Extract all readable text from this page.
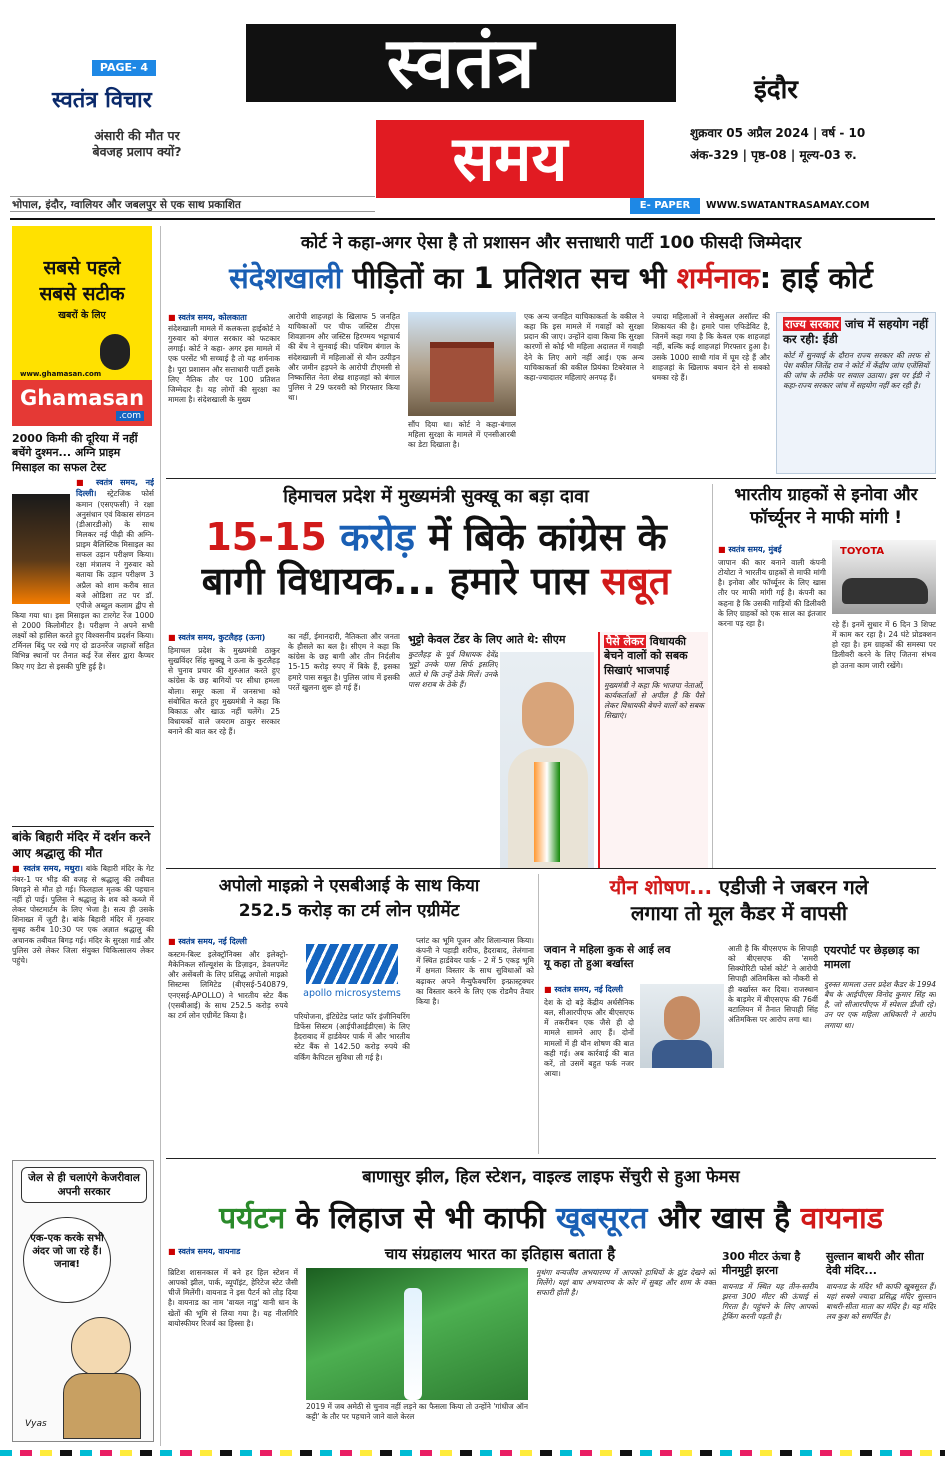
PAGE- 4
स्वतंत्र विचार
अंसारी की मौत पर
बेवजह प्रलाप क्यों?
स्वतंत्र
समय
इंदौर
शुक्रवार 05 अप्रैल 2024 | वर्ष - 10
अंक-329 | पृष्ठ-08 | मूल्य-03 रु.
भोपाल, इंदौर, ग्वालियर और जबलपुर से एक साथ प्रकाशित	E- PAPER	WWW.SWATANTRASAMAY.COM
सबसे पहले
सबसे सटीक
खबरों के लिए
www.ghamasan.com
Ghamasan
.com
2000 किमी की दूरिया में नहीं बचेंगे दुश्मन... अग्नि प्राइम मिसाइल का सफल टेस्ट
■ स्वतंत्र समय, नई दिल्ली। स्ट्रेटजिक फोर्स कमान (एसएफसी) ने रक्षा अनुसंधान एवं विकास संगठन (डीआरडीओ) के साथ मिलकर नई पीढ़ी की अग्नि-प्राइम बैलिस्टिक मिसाइल का सफल उड़ान परीक्षण किया। रक्षा मंत्रालय ने गुरुवार को बताया कि उड़ान परीक्षण 3 अप्रैल को शाम करीब सात बजे ओडिशा तट पर डॉ. एपीजे अब्दुल कलाम द्वीप से किया गया था। इस मिसाइल का टारगेट रेंज 1000 से 2000 किलोमीटर है। परीक्षण ने अपने सभी लक्ष्यों को हासिल करते हुए विश्वसनीय प्रदर्शन किया। टर्मिनल बिंदु पर रखे गए दो डाउनरेंज जहाजों सहित विभिन्न स्थानों पर तैनात कई रेंज सेंसर द्वारा कैप्चर किए गए डेटा से इसकी पुष्टि हुई है।
बांके बिहारी मंदिर में दर्शन करने आए श्रद्धालु की मौत
■ स्वतंत्र समय, मथुरा। बांके बिहारी मंदिर के गेट नंबर-1 पर भीड़ की वजह से श्रद्धालु की तबीयत बिगड़ने से मौत हो गई। फिलहाल मृतक की पहचान नहीं हो पाई। पुलिस ने श्रद्धालु के शव को कब्जे में लेकर पोस्टमार्टम के लिए भेजा है। सत्य ही उसके शिनाख्त में जुटी है। बांके बिहारी मंदिर में गुरुवार सुबह करीब 10:30 पर एक अज्ञात श्रद्धालु की अचानक तबीयत बिगड़ गई। मंदिर के सुरक्षा गार्ड और पुलिस उसे लेकर जिला संयुक्त चिकित्सालय लेकर पहुंचे।
जेल से ही चलाएंगे केजरीवाल अपनी सरकार
एक-एक करके सभी अंदर जो जा रहे हैं। जनाब!
Vyas
कोर्ट ने कहा-अगर ऐसा है तो प्रशासन और सत्ताधारी पार्टी 100 फीसदी जिम्मेदार
संदेशखाली पीड़ितों का 1 प्रतिशत सच भी शर्मनाक: हाई कोर्ट
■ स्वतंत्र समय, कोलकाता
संदेशखाली मामले में कलकत्ता हाईकोर्ट ने गुरुवार को बंगाल सरकार को फटकार लगाई। कोर्ट ने कहा- अगर इस मामले में एक परसेंट भी सच्चाई है तो यह शर्मनाक है। पूरा प्रशासन और सत्ताधारी पार्टी इसके लिए नैतिक तौर पर 100 प्रतिशत जिम्मेदार है। यह लोगों की सुरक्षा का मामला है। संदेशखाली के मुख्य
आरोपी शाहजहां के खिलाफ 5 जनहित याचिकाओं पर चीफ जस्टिस टीएस शिवज्ञानम और जस्टिस हिरण्मय भट्टाचार्य की बेंच ने सुनवाई की। पश्चिम बंगाल के संदेशखाली में महिलाओं से यौन उत्पीड़न और जमीन हड़पने के आरोपी टीएमसी से निष्कासित नेता शेख शाहजहां को बंगाल पुलिस ने 29 फरवरी को गिरफ्तार किया था।
सौंप दिया था। कोर्ट ने कहा-बंगाल महिला सुरक्षा के मामले में एनसीआरबी का डेटा दिखाता है।
एक अन्य जनहित याचिकाकर्ता के वकील ने कहा कि इस मामले में गवाहों को सुरक्षा प्रदान की जाए। उन्होंने दावा किया कि सुरक्षा कारणों से कोई भी महिला अदालत में गवाही देने के लिए आगे नहीं आई। एक अन्य याचिकाकर्ता की वकील प्रियंका टिबरेवाल ने कहा-ज्यादातर महिलाएं अनपढ़ हैं।
ज्यादा महिलाओं ने सेक्सुअल असॉल्ट की शिकायत की है। हमारे पास एफिडेविट है, जिनमें कहा गया है कि केवल एक शाहजहां नहीं, बल्कि कई शाहजहां गिरफ्तार हुआ है। उसके 1000 साथी गांव में घूम रहे हैं और शाहजहां के खिलाफ बयान देने से सबको धमका रहे हैं।
राज्य सरकार जांच में सहयोग नहीं कर रही: ईडी
कोर्ट में सुनवाई के दौरान राज्य सरकार की तरफ से पेश वकील जितेंद्र राव ने कोर्ट में केंद्रीय जांच एजेंसियों की जांच के तरीके पर सवाल उठाया। इस पर ईडी ने कहा-राज्य सरकार जांच में सहयोग नहीं कर रही है।
हिमाचल प्रदेश में मुख्यमंत्री सुक्खू का बड़ा दावा
15-15 करोड़ में बिके कांग्रेस के
बागी विधायक... हमारे पास सबूत
■ स्वतंत्र समय, कुटलैहड़ (ऊना)
हिमाचल प्रदेश के मुख्यमंत्री ठाकुर सुखविंदर सिंह सुक्खू ने ऊना के कुटलैहड़ से चुनाव प्रचार की शुरुआत करते हुए कांग्रेस के छह बागियों पर सीधा हमला बोला। समूर कला में जनसभा को संबोधित करते हुए मुख्यमंत्री ने कहा कि बिकाऊ और खाऊ नहीं चलेंगे। 25 विधायकों वाले जयराम ठाकुर सरकार बनाने की बात कर रहे हैं।
का नहीं, ईमानदारी, नैतिकता और जनता के हौसले का बल है। सीएम ने कहा कि कांग्रेस के छह बागी और तीन निर्दलीय 15-15 करोड़ रुपए में बिके हैं, इसका हमारे पास सबूत है। पुलिस जांच में इसकी परतें खुलना शुरू हो गई हैं।
भुट्टो केवल टेंडर के लिए आते थे: सीएम
कुटलैहड़ के पूर्व विधायक देवेंद्र भुट्टो उनके पास सिर्फ इसलिए आते थे कि उन्हें ठेके मिलें। उनके पास शराब के ठेके हैं।
पैसे लेकर विधायकी बेचने वालों को सबक सिखाएं भाजपाई
मुख्यमंत्री ने कहा कि भाजपा नेताओं, कार्यकर्ताओं से अपील है कि पैसे लेकर विधायकी बेचने वालों को सबक सिखाएं।
भारतीय ग्राहकों से इनोवा और फॉर्च्यूनर ने माफी मांगी !
■ स्वतंत्र समय, मुंबई
जापान की कार बनाने वाली कंपनी टोयोटा ने भारतीय ग्राहकों से माफी मांगी है। इनोवा और फॉर्च्यूनर के लिए खास तौर पर माफी मांगी गई है। कंपनी का कहना है कि उसकी गाड़ियों की डिलीवरी के लिए ग्राहकों को एक साल का इंतजार करना पड़ रहा है।
TOYOTA
रहे हैं। इनमें सुधार में 6 दिन 3 शिफ्ट में काम कर रहा है। 24 घंटे प्रोडक्शन हो रहा है। हम ग्राहकों की समस्या पर डिलीवरी करने के लिए जितना संभव हो उतना काम जारी रखेंगे।
अपोलो माइक्रो ने एसबीआई के साथ किया
252.5 करोड़ का टर्म लोन एग्रीमेंट
■ स्वतंत्र समय, नई दिल्ली
कस्टम-बिल्ट इलेक्ट्रॉनिक्स और इलेक्ट्रो-मैकेनिकल सॉल्यूशंस के डिज़ाइन, डेवलपमेंट और असेंबली के लिए प्रसिद्ध अपोलो माइक्रो सिस्टम्स लिमिटेड (बीएसई-540879, एनएसई-APOLLO) ने भारतीय स्टेट बैंक (एसबीआई) के साथ 252.5 करोड़ रुपये का टर्म लोन एग्रीमेंट किया है।
apollo microsystems
परियोजना, इंटिग्रेटेड प्लांट फॉर इंजीनियरिंग डिफेंस सिस्टम (आईपीआईडीएस) के लिए हैदराबाद में हार्डवेयर पार्क में और भारतीय स्टेट बैंक से 142.50 करोड़ रुपये की वर्किंग कैपिटल सुविधा ली गई है।
प्लांट का भूमि पूजन और शिलान्यास किया। कंपनी ने पहाड़ी शरीफ, हैदराबाद, तेलंगाना में स्थित हार्डवेयर पार्क - 2 में 5 एकड़ भूमि में क्षमता विस्तार के साथ सुविधाओं को बढ़ाकर अपने मैन्युफैक्चरिंग इन्फ्रास्ट्रक्चर का विस्तार करने के लिए एक रोडमैप तैयार किया है।
यौन शोषण... एडीजी ने जबरन गले
लगाया तो मूल कैडर में वापसी
जवान ने महिला कुक से आई लव यू कहा तो हुआ बर्खास्त
■ स्वतंत्र समय, नई दिल्ली
देश के दो बड़े केंद्रीय अर्धसैनिक बल, सीआरपीएफ और बीएसएफ में तकरीबन एक जैसे ही दो मामले सामने आए हैं। दोनों मामलों में ही यौन शोषण की बात कही गई। अब कार्रवाई की बात करें, तो उसमें बहुत फर्क नजर आया।
आती है कि बीएसएफ के सिपाही को बीएसएफ की 'समरी सिक्योरिटी फोर्स कोर्ट' ने आरोपी सिपाही अंतिमकिस को नौकरी से ही बर्खास्त कर दिया। राजस्थान के बाड़मेर में बीएसएफ की 76वीं बटालियन में तैनात सिपाही सिंह अंतिमकिस पर आरोप लगा था।
एयरपोर्ट पर छेड़छाड़ का मामला
दुरुस्त मामला उत्तर प्रदेश कैडर के 1994 बैच के आईपीएस विनोद कुमार सिंह का है, जो सीआरपीएफ में स्पेशल डीजी रहे। उन पर एक महिला अधिकारी ने आरोप लगाया था।
बाणासुर झील, हिल स्टेशन, वाइल्ड लाइफ सेंचुरी से हुआ फेमस
पर्यटन के लिहाज से भी काफी खूबसूरत और खास है वायनाड
■ स्वतंत्र समय, वायनाड	चाय संग्रहालय भारत का इतिहास बताता है
ब्रिटिश शासनकाल में बने हर हिल स्टेशन में आपको झील, पार्क, व्यूपॉइंट, हेरिटेज स्टेट जैसी चीजें मिलेंगी। वायनाड ने इस पैटर्न को तोड़ दिया है। वायनाड का नाम 'वायल नाडु' यानी धान के खेतों की भूमि से लिया गया है। यह नीलगिरि बायोस्फीयर रिजर्व का हिस्सा है।
2019 में जब अमेठी से चुनाव नहीं लड़ने का फैसला किया तो उन्होंने 'गांधीज ऑन कट्टी' के तौर पर पहचाने जाने वाले केरल
मुथंगा वन्यजीव अभयारण्य में आपको हाथियों के झुंड देखने को मिलेंगे। यहां बाघ अभयारण्य के कोर में सुबह और शाम के वक्त सफारी होती है।
300 मीटर ऊंचा है मीनमुट्टी झरना
वायनाड में स्थित यह तीन-स्तरीय झरना 300 मीटर की ऊंचाई से गिरता है। पहुंचने के लिए आपको ट्रेकिंग करनी पड़ती है।
सुल्तान बाथरी और सीता देवी मंदिर...
वायनाड के मंदिर भी काफी खूबसूरत हैं। यहां सबसे ज्यादा प्रसिद्ध मंदिर सुल्तान बाथरी-सीता माता का मंदिर है। यह मंदिर लव कुश को समर्पित है।
